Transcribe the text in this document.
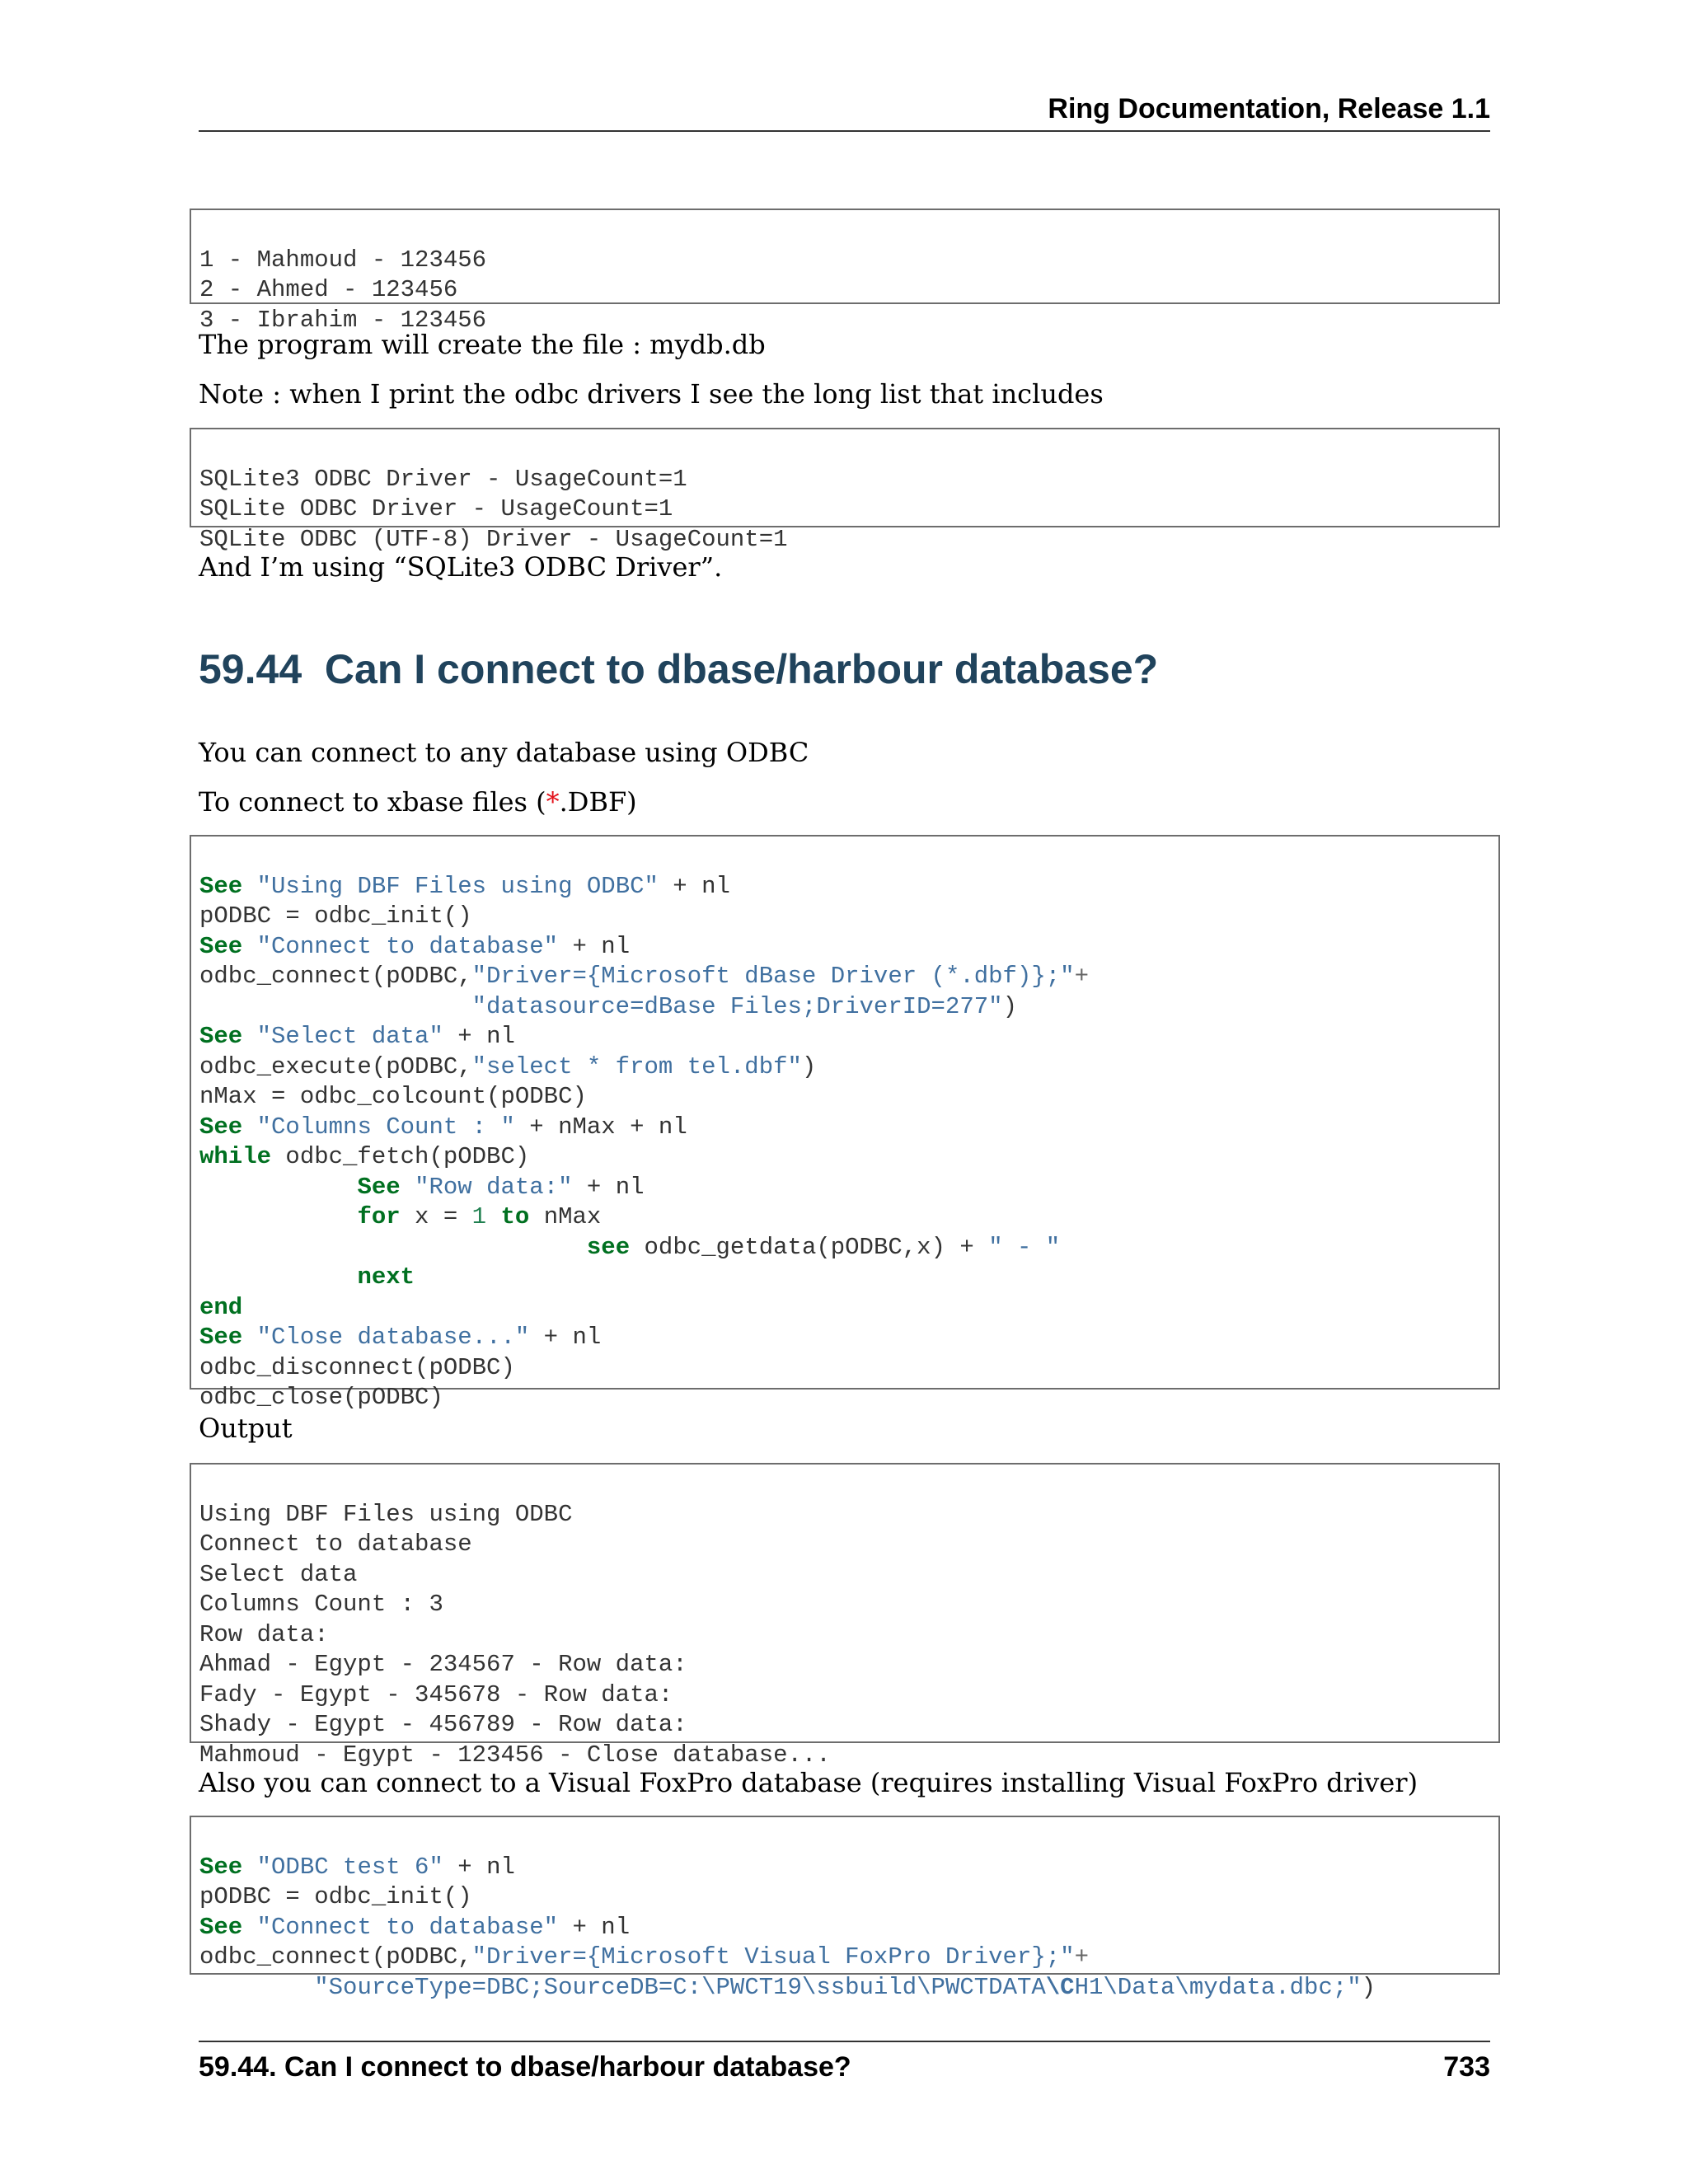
Ring Documentation, Release 1.1

1 - Mahmoud - 123456
2 - Ahmed - 123456
3 - Ibrahim - 123456
The program will create the file : mydb.db
Note : when I print the odbc drivers I see the long list that includes

SQLite3 ODBC Driver - UsageCount=1
SQLite ODBC Driver - UsageCount=1
SQLite ODBC (UTF-8) Driver - UsageCount=1
And I’m using “SQLite3 ODBC Driver”.
59.44 Can I connect to dbase/harbour database?
You can connect to any database using ODBC
To connect to xbase files (*.DBF)

See "Using DBF Files using ODBC" + nl
pODBC = odbc_init()
See "Connect to database" + nl
odbc_connect(pODBC,"Driver={Microsoft dBase Driver (*.dbf)};"+
"datasource=dBase Files;DriverID=277")
See "Select data" + nl
odbc_execute(pODBC,"select * from tel.dbf")
nMax = odbc_colcount(pODBC)
See "Columns Count : " + nMax + nl
while odbc_fetch(pODBC)
See "Row data:" + nl
for x = 1 to nMax
see odbc_getdata(pODBC,x) + " - "
next
end
See "Close database..." + nl
odbc_disconnect(pODBC)
odbc_close(pODBC)
Output

Using DBF Files using ODBC
Connect to database
Select data
Columns Count : 3
Row data:
Ahmad - Egypt - 234567 - Row data:
Fady - Egypt - 345678 - Row data:
Shady - Egypt - 456789 - Row data:
Mahmoud - Egypt - 123456 - Close database...
Also you can connect to a Visual FoxPro database (requires installing Visual FoxPro driver)

See "ODBC test 6" + nl
pODBC = odbc_init()
See "Connect to database" + nl
odbc_connect(pODBC,"Driver={Microsoft Visual FoxPro Driver};"+
"SourceType=DBC;SourceDB=C:\PWCT19\ssbuild\PWCTDATA\CH1\Data\mydata.dbc;")
59.44. Can I connect to dbase/harbour database?	733
